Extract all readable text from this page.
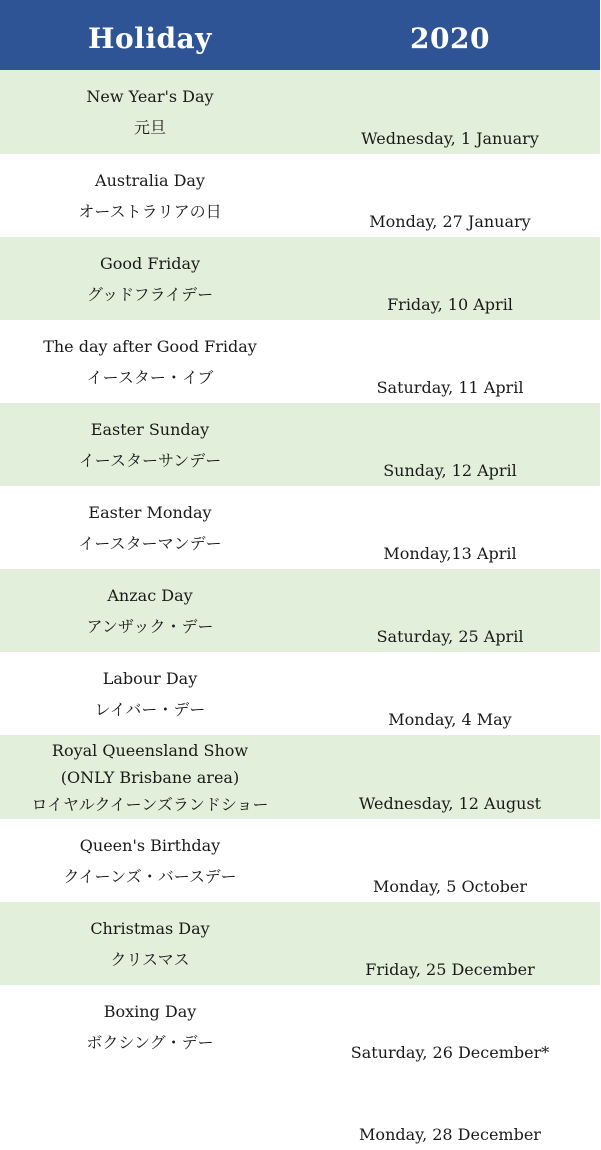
Holiday	2020
New Year's Day
元旦
Wednesday, 1 January
Australia Day
オーストラリアの日
Monday, 27 January
Good Friday
グッドフライデー
Friday, 10 April
The day after Good Friday
イースター・イブ
Saturday, 11 April
Easter Sunday
イースターサンデー
Sunday, 12 April
Easter Monday
イースターマンデー
Monday,13 April
Anzac Day
アンザック・デー
Saturday, 25 April
Labour Day
レイバー・デー
Monday, 4 May
Royal Queensland Show
(ONLY Brisbane area)
ロイヤルクイーンズランドショー	Wednesday, 12 August
Queen's Birthday
クイーンズ・バースデー
Monday, 5 October
Christmas Day
クリスマス
Friday, 25 December
Boxing Day
ボクシング・デー
Saturday, 26 December*
Monday, 28 December
